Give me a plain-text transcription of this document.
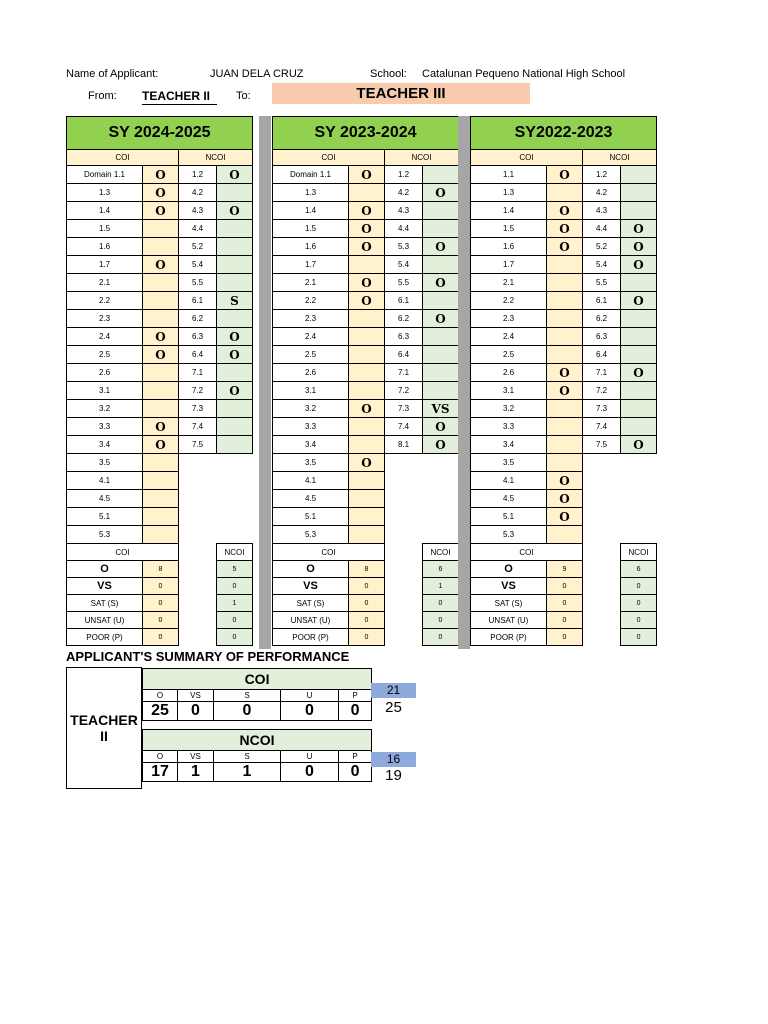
Name of Applicant:	JUAN DELA CRUZ	School: Catalunan Pequeno National High School
From: TEACHER II	To:	TEACHER III
SY 2024-2025			
COI		NCOI	
Domain 1.1	O	1.2	O
1.3	O	4.2	
1.4	O	4.3	O
1.5		4.4	
1.6		5.2	
1.7	O	5.4	
2.1		5.5	
2.2		6.1	S
2.3		6.2	
2.4	O	6.3	O
2.5	O	6.4	O
2.6		7.1	
3.1		7.2	O
3.2		7.3	
3.3	O	7.4	
3.4	O	7.5	
3.5			
4.1			
4.5			
5.1			
5.3			
COI			NCOI
O	8		5
VS	0		0
SAT (S)	0		1
UNSAT (U)	0		0
POOR (P)	0		0
SY 2023-2024			
COI		NCOI	
Domain 1.1	O	1.2	
1.3		4.2	O
1.4	O	4.3	
1.5	O	4.4	
1.6	O	5.3	O
1.7		5.4	
2.1	O	5.5	O
2.2	O	6.1	
2.3		6.2	O
2.4		6.3	
2.5		6.4	
2.6		7.1	
3.1		7.2	
3.2	O	7.3	VS
3.3		7.4	O
3.4		8.1	O
3.5	O		
4.1			
4.5			
5.1			
5.3			
COI			NCOI
O	8		6
VS	0		1
SAT (S)	0		0
UNSAT (U)	0		0
POOR (P)	0		0
SY2022-2023			
COI		NCOI	
1.1	O	1.2	
1.3		4.2	
1.4	O	4.3	
1.5	O	4.4	O
1.6	O	5.2	O
1.7		5.4	O
2.1		5.5	
2.2		6.1	O
2.3		6.2	
2.4		6.3	
2.5		6.4	
2.6	O	7.1	O
3.1	O	7.2	
3.2		7.3	
3.3		7.4	
3.4		7.5	O
3.5			
4.1	O		
4.5	O		
5.1	O		
5.3			
COI			NCOI
O	9		6
VS	0		0
SAT (S)	0		0
UNSAT (U)	0		0
POOR (P)	0		0
APPLICANT'S SUMMARY OF PERFORMANCE
TEACHER II
COI				
O	VS	S	U	P
25	0	0	0	0
21
25
NCOI				
O	VS	S	U	P
17	1	1	0	0
16
19
